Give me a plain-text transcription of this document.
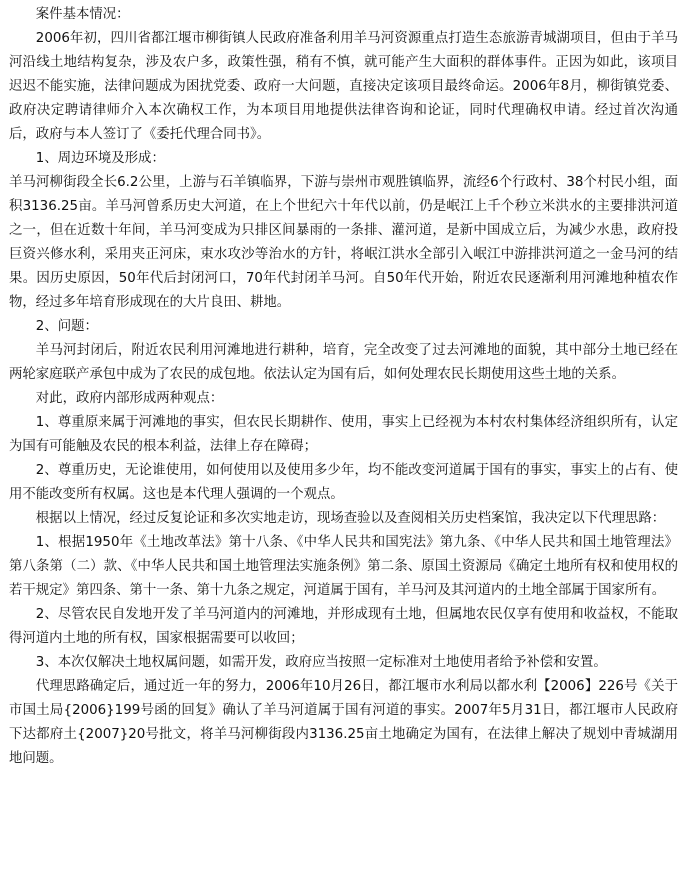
案件基本情况：

2006年初，四川省都江堰市柳街镇人民政府准备利用羊马河资源重点打造生态旅游青城湖项目，但由于羊马河沿线土地结构复杂，涉及农户多，政策性强，稍有不慎，就可能产生大面积的群体事件。正因为如此，该项目迟迟不能实施，法律问题成为困扰党委、政府一大问题，直接决定该项目最终命运。2006年8月，柳街镇党委、政府决定聘请律师介入本次确权工作，为本项目用地提供法律咨询和论证，同时代理确权申请。经过首次沟通后，政府与本人签订了《委托代理合同书》。

1、周边环境及形成：

羊马河柳街段全长6.2公里，上游与石羊镇临界，下游与崇州市观胜镇临界，流经6个行政村、38个村民小组，面积3136.25亩。羊马河曾系历史大河道，在上个世纪六十年代以前，仍是岷江上千个秒立米洪水的主要排洪河道之一，但在近数十年间，羊马河变成为只排区间暴雨的一条排、灌河道，是新中国成立后，为减少水患，政府投巨资兴修水利，采用夹正河床，束水攻沙等治水的方针，将岷江洪水全部引入岷江中游排洪河道之一金马河的结果。因历史原因，50年代后封闭河口，70年代封闭羊马河。自50年代开始，附近农民逐渐利用河滩地种植农作物，经过多年培育形成现在的大片良田、耕地。

2、问题：

羊马河封闭后，附近农民利用河滩地进行耕种，培育，完全改变了过去河滩地的面貌，其中部分土地已经在两轮家庭联产承包中成为了农民的成包地。依法认定为国有后，如何处理农民长期使用这些土地的关系。

对此，政府内部形成两种观点：

1、尊重原来属于河滩地的事实，但农民长期耕作、使用，事实上已经视为本村农村集体经济组织所有，认定为国有可能触及农民的根本利益，法律上存在障碍；

2、尊重历史，无论谁使用，如何使用以及使用多少年，均不能改变河道属于国有的事实，事实上的占有、使用不能改变所有权属。这也是本代理人强调的一个观点。

根据以上情况，经过反复论证和多次实地走访，现场查验以及查阅相关历史档案馆，我决定以下代理思路：

1、根据1950年《土地改革法》第十八条、《中华人民共和国宪法》第九条、《中华人民共和国土地管理法》第八条第（二）款、《中华人民共和国土地管理法实施条例》第二条、原国土资源局《确定土地所有权和使用权的若干规定》第四条、第十一条、第十九条之规定，河道属于国有，羊马河及其河道内的土地全部属于国家所有。

2、尽管农民自发地开发了羊马河道内的河滩地，并形成现有土地，但属地农民仅享有使用和收益权，不能取得河道内土地的所有权，国家根据需要可以收回；

3、本次仅解决土地权属问题，如需开发，政府应当按照一定标准对土地使用者给予补偿和安置。

代理思路确定后，通过近一年的努力，2006年10月26日，都江堰市水利局以都水利【2006】226号《关于市国土局{2006}199号函的回复》确认了羊马河道属于国有河道的事实。2007年5月31日，都江堰市人民政府下达都府土{2007}20号批文，将羊马河柳街段内3136.25亩土地确定为国有，在法律上解决了规划中青城湖用地问题。
